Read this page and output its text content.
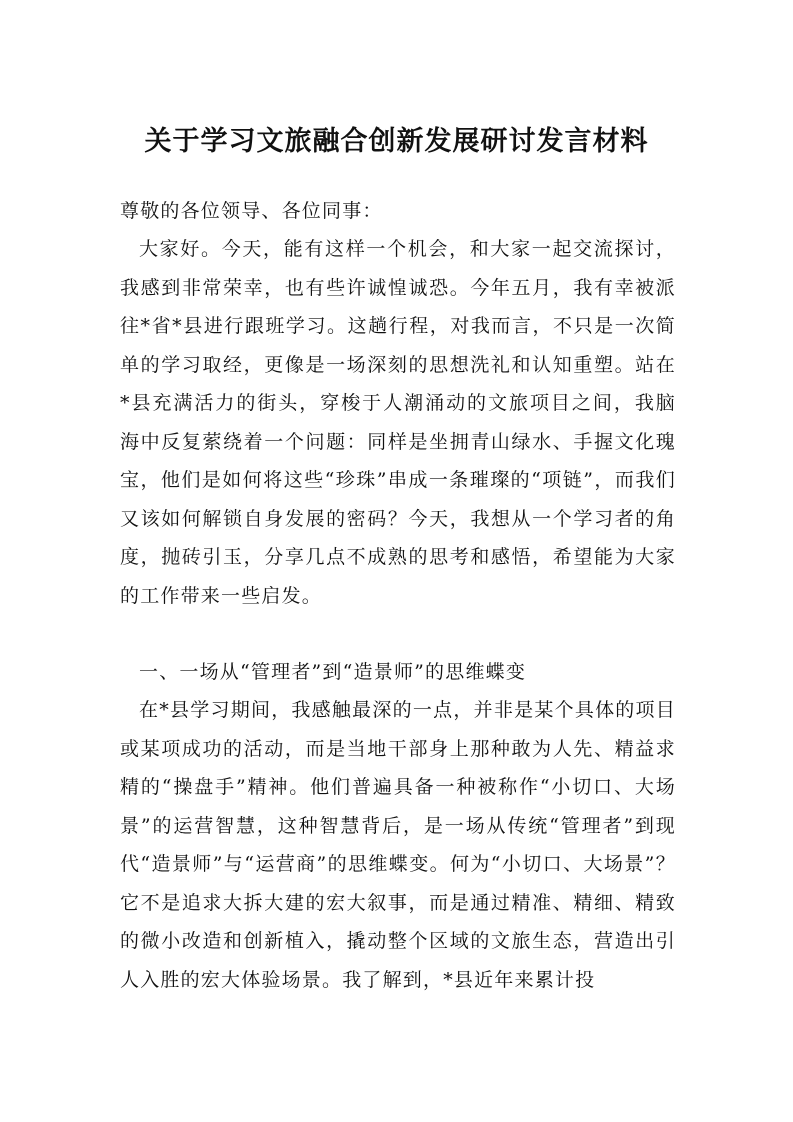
关于学习文旅融合创新发展研讨发言材料

尊敬的各位领导、各位同事：

大家好。今天，能有这样一个机会，和大家一起交流探讨，我感到非常荣幸，也有些许诚惶诚恐。今年五月，我有幸被派往*省*县进行跟班学习。这趟行程，对我而言，不只是一次简单的学习取经，更像是一场深刻的思想洗礼和认知重塑。站在*县充满活力的街头，穿梭于人潮涌动的文旅项目之间，我脑海中反复萦绕着一个问题：同样是坐拥青山绿水、手握文化瑰宝，他们是如何将这些“珍珠”串成一条璀璨的“项链”，而我们又该如何解锁自身发展的密码？今天，我想从一个学习者的角度，抛砖引玉，分享几点不成熟的思考和感悟，希望能为大家的工作带来一些启发。

一、一场从“管理者”到“造景师”的思维蝶变

在*县学习期间，我感触最深的一点，并非是某个具体的项目或某项成功的活动，而是当地干部身上那种敢为人先、精益求精的“操盘手”精神。他们普遍具备一种被称作“小切口、大场景”的运营智慧，这种智慧背后，是一场从传统“管理者”到现代“造景师”与“运营商”的思维蝶变。何为“小切口、大场景”？它不是追求大拆大建的宏大叙事，而是通过精准、精细、精致的微小改造和创新植入，撬动整个区域的文旅生态，营造出引人入胜的宏大体验场景。我了解到，*县近年来累计投
